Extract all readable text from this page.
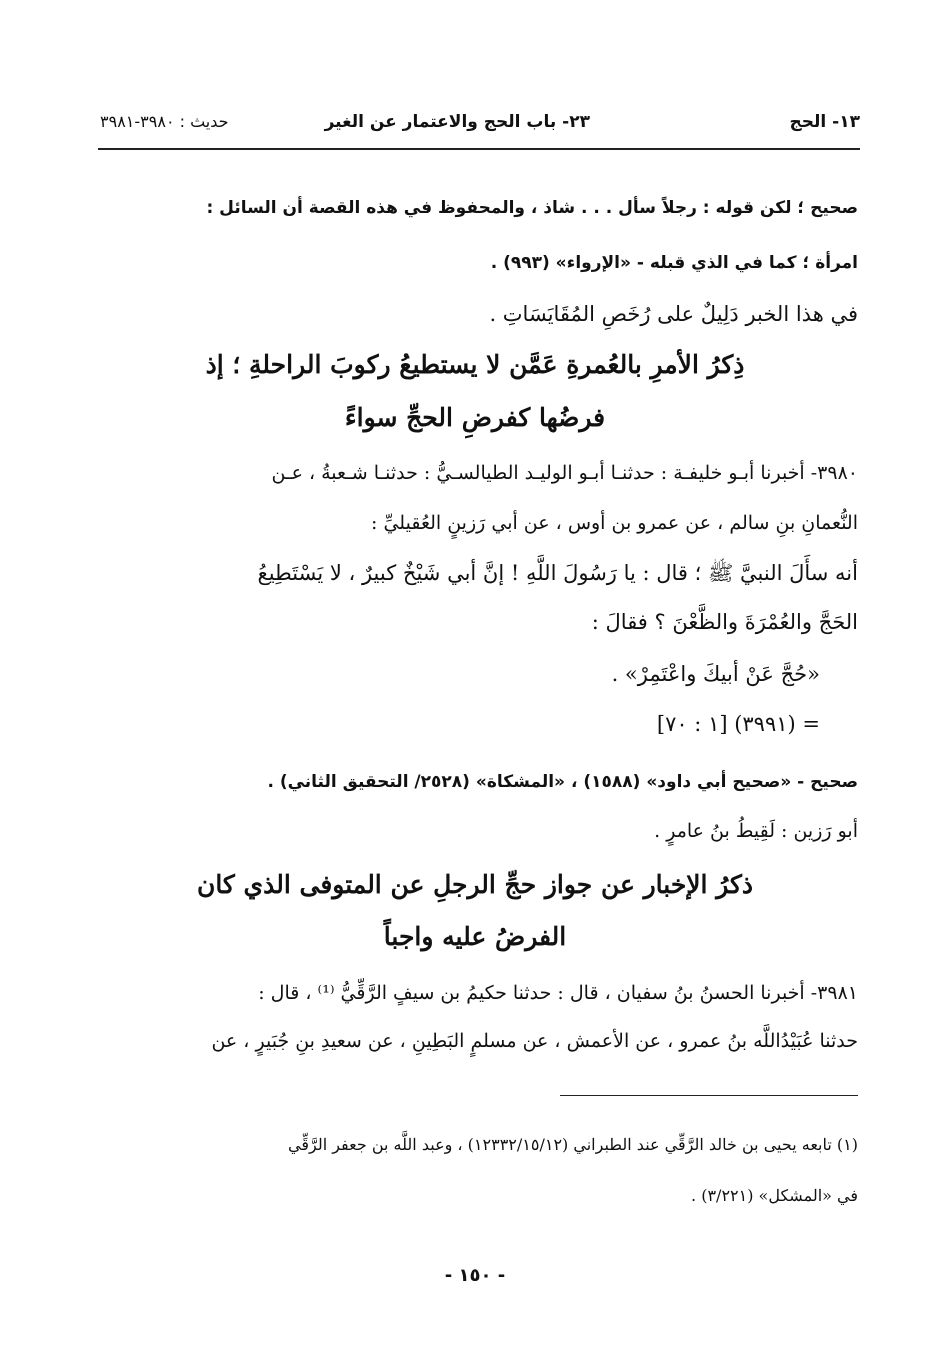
١٣- الحج
٢٣- باب الحج والاعتمار عن الغير
حديث : ٣٩٨٠-٣٩٨١
صحيح ؛ لكن قوله : رجلاً سأل . . . شاذ ، والمحفوظ في هذه القصة أن السائل :
امرأة ؛ كما في الذي قبله - «الإرواء» (٩٩٣) .
في هذا الخبر دَلِيلٌ على رُخَصِ المُقَايَسَاتِ .
ذِكرُ الأمرِ بالعُمرةِ عَمَّن لا يستطيعُ ركوبَ الراحلةِ ؛ إذ
فرضُها كفرضِ الحجِّ سواءً
٣٩٨٠- أخبرنا أبـو خليفـة : حدثنـا أبـو الوليـد الطيالسـيُّ : حدثنـا شـعبةُ ، عـن
النُّعمانِ بنِ سالم ، عن عمرو بن أوس ، عن أبي رَزينٍ العُقيليِّ :
أنه سأَلَ النبيَّ ﷺ ؛ قال : يا رَسُولَ اللَّهِ ! إنَّ أبي شَيْخٌ كبيرٌ ، لا يَسْتَطِيعُ
الحَجَّ والعُمْرَةَ والظَّعْنَ ؟ فقالَ :
«حُجَّ عَنْ أبيكَ واعْتَمِرْ» .
= (٣٩٩١) [١ : ٧٠]
صحيح - «صحيح أبي داود» (١٥٨٨) ، «المشكاة» (٢٥٢٨/ التحقيق الثاني) .
أبو رَزين : لَقِيطُ بنُ عامرٍ .
ذكرُ الإخبار عن جواز حجِّ الرجلِ عن المتوفى الذي كان
الفرضُ عليه واجباً
٣٩٨١- أخبرنا الحسنُ بنُ سفيان ، قال : حدثنا حكيمُ بن سيفٍ الرَّقِّيُّ ⁽¹⁾ ، قال :
حدثنا عُبَيْدُاللَّه بنُ عمرو ، عن الأعمش ، عن مسلمٍ البَطِينِ ، عن سعيدِ بنِ جُبَيرٍ ، عن
(١) تابعه يحيى بن خالد الرَّقِّي عند الطبراني (١٢٣٣٢/١٥/١٢) ، وعبد اللَّه بن جعفر الرَّقِّي
في «المشكل» (٣/٢٢١) .
- ١٥٠ -
